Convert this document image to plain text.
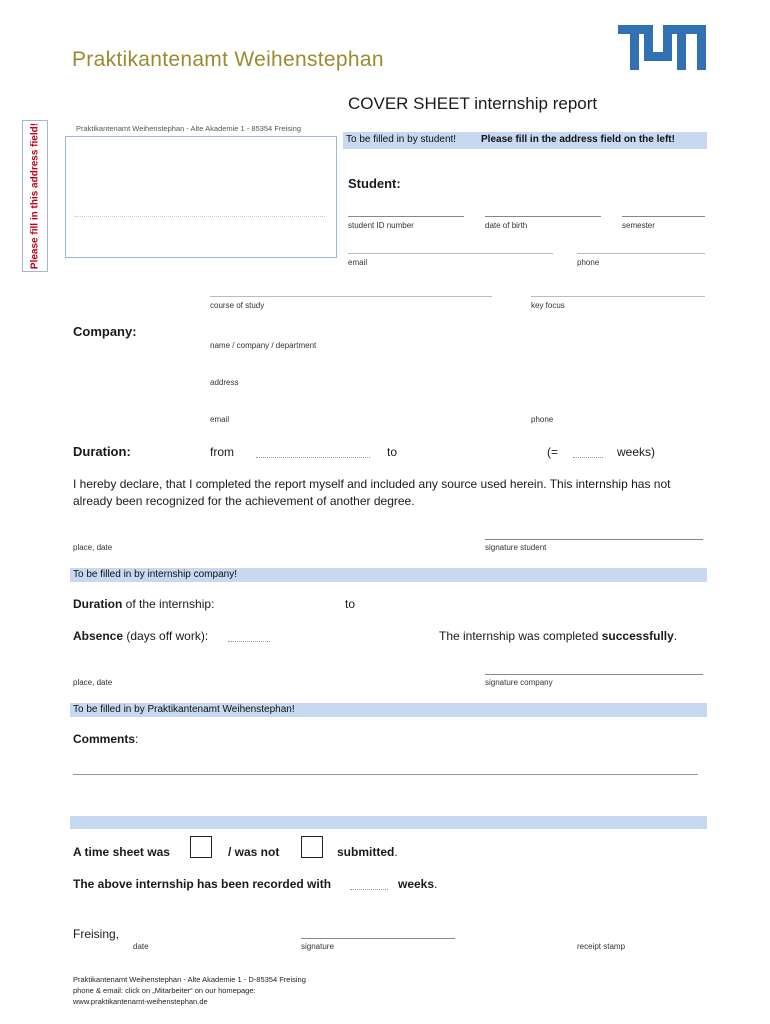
Praktikantenamt Weihenstephan
COVER SHEET internship report
Please fill in this address field!	Praktikantenamt Weihenstephan - Alte Akademie 1 - 85354 Freising
To be filled in by student! Please fill in the address field on the left!
Student:
student ID number	date of birth	semester
email	phone
course of study	key focus
Company:
name / company / department
address
email	phone
Duration:	from	to	(=	weeks)
I hereby declare, that I completed the report myself and included any source used herein. This internship has not already been recognized for the achievement of another degree.
place, date	signature student
To be filled in by internship company!
Duration of the internship:	to
Absence (days off work):	The internship was completed successfully.
place, date	signature company
To be filled in by Praktikantenamt Weihenstephan!
Comments:
A time sheet was	/ was not	submitted.
The above internship has been recorded with	weeks.
Freising,
date	signature	receipt stamp
Praktikantenamt Weihenstephan - Alte Akademie 1 - D-85354 Freising
phone & email: click on „Mitarbeiter“ on our homepage:
www.praktikantenamt-weihenstephan.de
